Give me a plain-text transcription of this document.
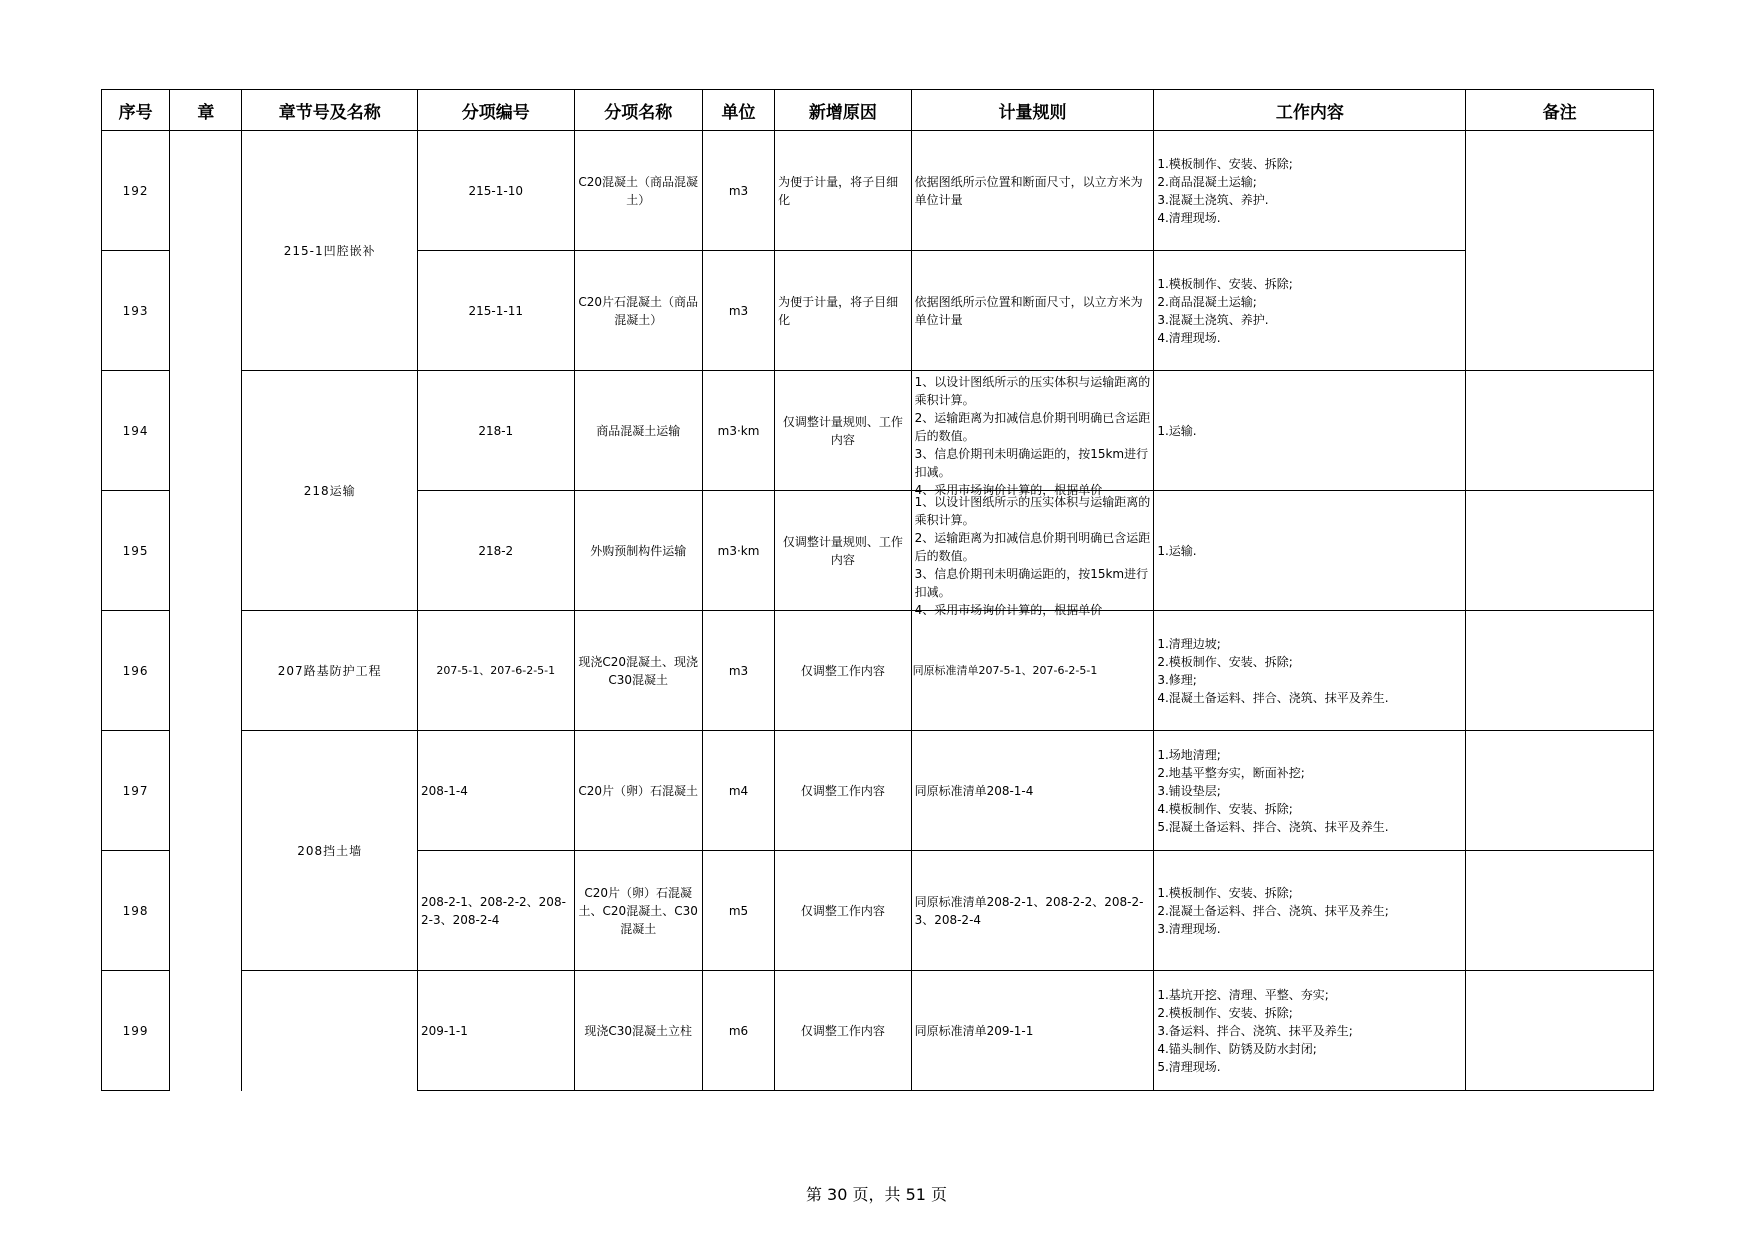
序号	章	章节号及名称	分项编号	分项名称	单位	新增原因	计量规则	工作内容	备注
192		215-1凹腔嵌补	215-1-10	C20混凝土（商品混凝土）	m3	为便于计量，将子目细化	依据图纸所示位置和断面尺寸，以立方米为单位计量	1.模板制作、安装、拆除;
2.商品混凝土运输;
3.混凝土浇筑、养护.
4.清理现场.	
193			215-1-11	C20片石混凝土（商品混凝土）	m3	为便于计量，将子目细化	依据图纸所示位置和断面尺寸，以立方米为单位计量	1.模板制作、安装、拆除;
2.商品混凝土运输;
3.混凝土浇筑、养护.
4.清理现场.	
194		218运输	218-1	商品混凝土运输	m3·km	仅调整计量规则、工作内容	1、以设计图纸所示的压实体积与运输距离的乘积计算。
2、运输距离为扣减信息价期刊明确已含运距后的数值。
3、信息价期刊未明确运距的，按15km进行扣减。
4、采用市场询价计算的，根据单价	1.运输.	
195			218-2	外购预制构件运输	m3·km	仅调整计量规则、工作内容	1、以设计图纸所示的压实体积与运输距离的乘积计算。
2、运输距离为扣减信息价期刊明确已含运距后的数值。
3、信息价期刊未明确运距的，按15km进行扣减。
4、采用市场询价计算的，根据单价	1.运输.	
196		207路基防护工程	207-5-1、207-6-2-5-1	现浇C20混凝土、现浇C30混凝土	m3	仅调整工作内容	同原标准清单207-5-1、207-6-2-5-1	1.清理边坡;
2.模板制作、安装、拆除;
3.修理;
4.混凝土备运料、拌合、浇筑、抹平及养生.	
197		208挡土墙	208-1-4	C20片（卵）石混凝土	m4	仅调整工作内容	同原标准清单208-1-4	1.场地清理;
2.地基平整夯实，断面补挖;
3.铺设垫层;
4.模板制作、安装、拆除;
5.混凝土备运料、拌合、浇筑、抹平及养生.	
198			208-2-1、208-2-2、208-2-3、208-2-4	C20片（卵）石混凝土、C20混凝土、C30混凝土	m5	仅调整工作内容	同原标准清单208-2-1、208-2-2、208-2-3、208-2-4	1.模板制作、安装、拆除;
2.混凝土备运料、拌合、浇筑、抹平及养生;
3.清理现场.	
199			209-1-1	现浇C30混凝土立柱	m6	仅调整工作内容	同原标准清单209-1-1	1.基坑开挖、清理、平整、夯实;
2.模板制作、安装、拆除;
3.备运料、拌合、浇筑、抹平及养生;
4.锚头制作、防锈及防水封闭;
5.清理现场.	
第 30 页，共 51 页
